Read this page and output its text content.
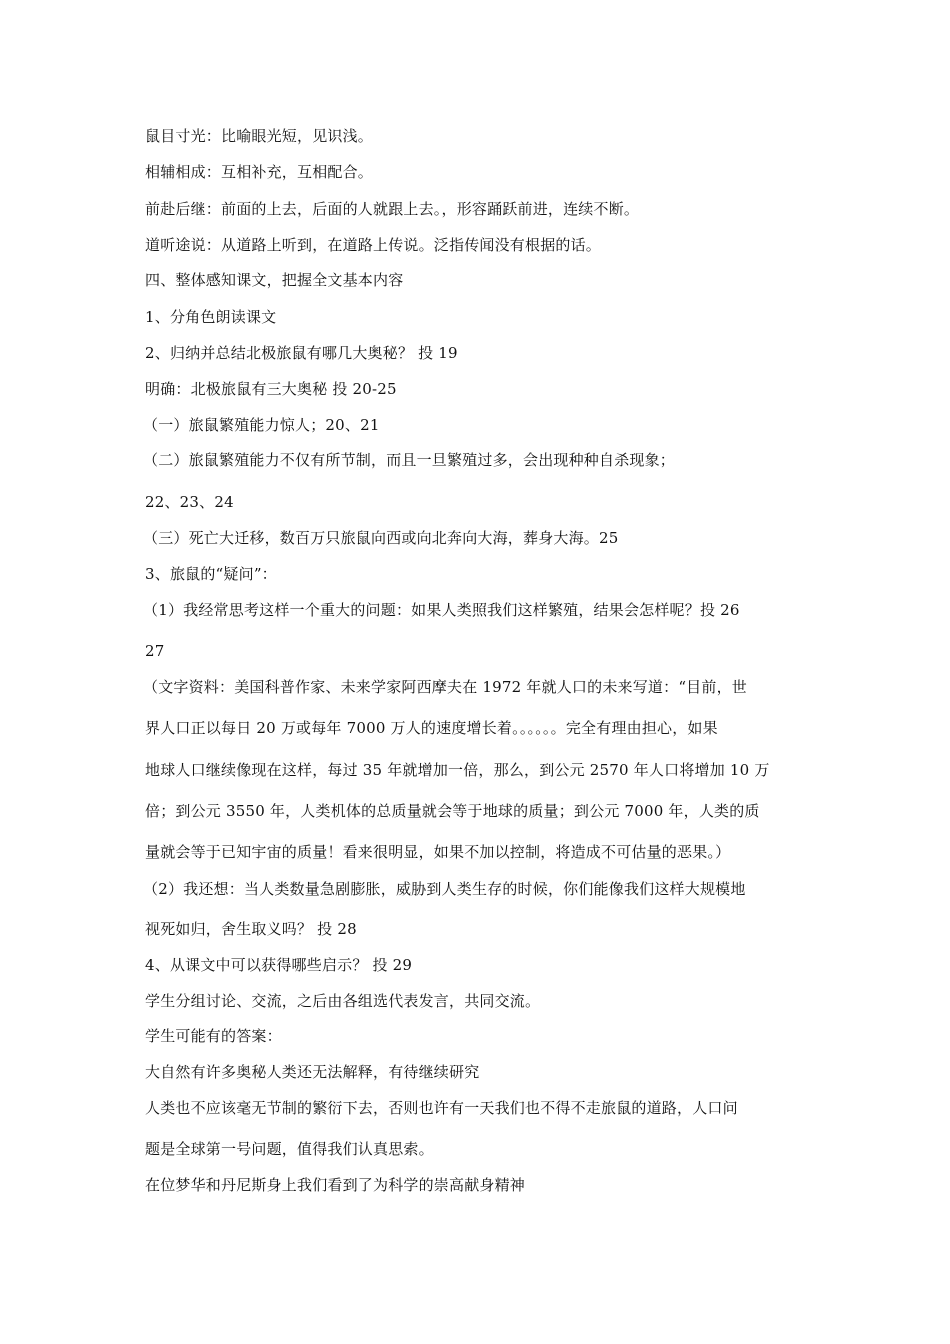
鼠目寸光：比喻眼光短，见识浅。
相辅相成：互相补充，互相配合。
前赴后继：前面的上去，后面的人就跟上去。，形容踊跃前进，连续不断。
道听途说：从道路上听到，在道路上传说。泛指传闻没有根据的话。
四、整体感知课文，把握全文基本内容
1、分角色朗读课文
2、归纳并总结北极旅鼠有哪几大奥秘？ 投 19
明确：北极旅鼠有三大奥秘 投 20-25
（一）旅鼠繁殖能力惊人；20、21
（二）旅鼠繁殖能力不仅有所节制，而且一旦繁殖过多，会出现种种自杀现象；
22、23、24
（三）死亡大迁移，数百万只旅鼠向西或向北奔向大海，葬身大海。25
3、旅鼠的“疑问”：
（1）我经常思考这样一个重大的问题：如果人类照我们这样繁殖，结果会怎样呢？投 26
27
（文字资料：美国科普作家、未来学家阿西摩夫在 1972 年就人口的未来写道：“目前，世
界人口正以每日 20 万或每年 7000 万人的速度增长着。。。。。。完全有理由担心，如果
地球人口继续像现在这样，每过 35 年就增加一倍，那么，到公元 2570 年人口将增加 10 万
倍；到公元 3550 年，人类机体的总质量就会等于地球的质量；到公元 7000 年，人类的质
量就会等于已知宇宙的质量！看来很明显，如果不加以控制，将造成不可估量的恶果。）
（2）我还想：当人类数量急剧膨胀，威胁到人类生存的时候，你们能像我们这样大规模地
视死如归，舍生取义吗？ 投 28
4、从课文中可以获得哪些启示？ 投 29
学生分组讨论、交流，之后由各组选代表发言，共同交流。
学生可能有的答案：
大自然有许多奥秘人类还无法解释，有待继续研究
人类也不应该毫无节制的繁衍下去，否则也许有一天我们也不得不走旅鼠的道路，人口问
题是全球第一号问题，值得我们认真思索。
在位梦华和丹尼斯身上我们看到了为科学的崇高献身精神
